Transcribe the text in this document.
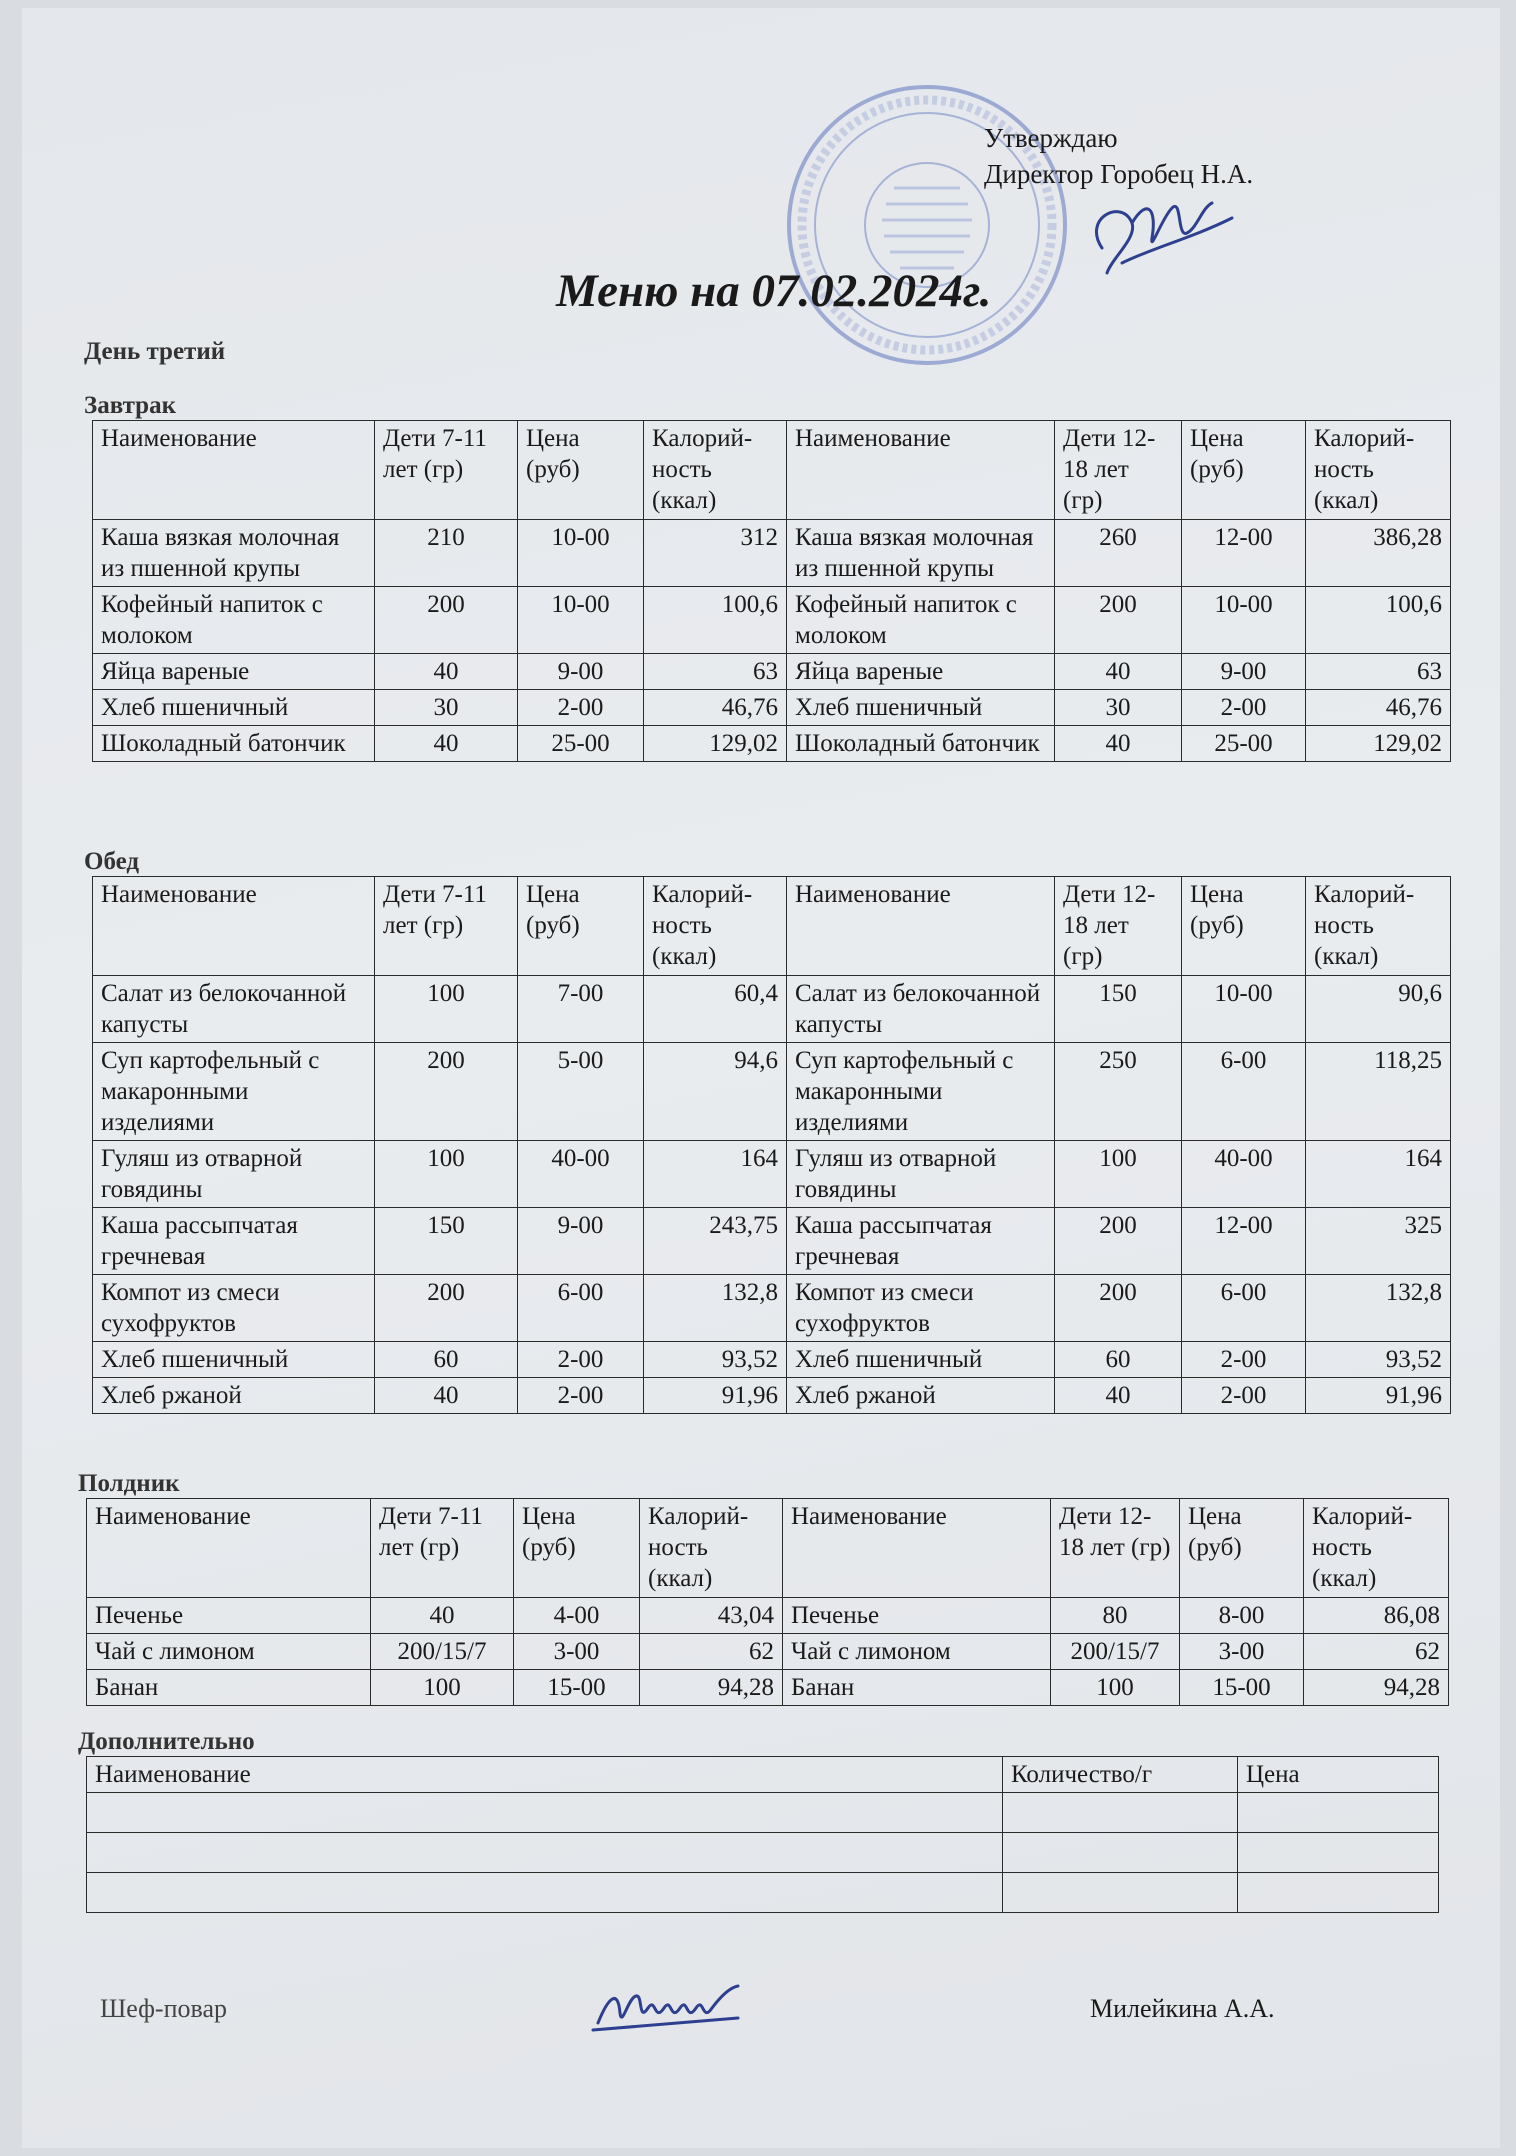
Утверждаю
Директор Горобец Н.А.
Меню на 07.02.2024г.
День третий
Завтрак
Наименование	Дети 7-11 лет (гр)	Цена (руб)	Калорий-ность (ккал)	Наименование	Дети 12-18 лет (гр)	Цена (руб)	Калорий-ность (ккал)
Каша вязкая молочная из пшенной крупы	210	10-00	312	Каша вязкая молочная из пшенной крупы	260	12-00	386,28
Кофейный напиток с молоком	200	10-00	100,6	Кофейный напиток с молоком	200	10-00	100,6
Яйца вареные	40	9-00	63	Яйца вареные	40	9-00	63
Хлеб пшеничный	30	2-00	46,76	Хлеб пшеничный	30	2-00	46,76
Шоколадный батончик	40	25-00	129,02	Шоколадный батончик	40	25-00	129,02
Обед
Наименование	Дети 7-11 лет (гр)	Цена (руб)	Калорий-ность (ккал)	Наименование	Дети 12-18 лет (гр)	Цена (руб)	Калорий-ность (ккал)
Салат из белокочанной капусты	100	7-00	60,4	Салат из белокочанной капусты	150	10-00	90,6
Суп картофельный с макаронными изделиями	200	5-00	94,6	Суп картофельный с макаронными изделиями	250	6-00	118,25
Гуляш из отварной говядины	100	40-00	164	Гуляш из отварной говядины	100	40-00	164
Каша рассыпчатая гречневая	150	9-00	243,75	Каша рассыпчатая гречневая	200	12-00	325
Компот из смеси сухофруктов	200	6-00	132,8	Компот из смеси сухофруктов	200	6-00	132,8
Хлеб пшеничный	60	2-00	93,52	Хлеб пшеничный	60	2-00	93,52
Хлеб ржаной	40	2-00	91,96	Хлеб ржаной	40	2-00	91,96
Полдник
Наименование	Дети 7-11 лет (гр)	Цена (руб)	Калорий-ность (ккал)	Наименование	Дети 12-18 лет (гр)	Цена (руб)	Калорий-ность (ккал)
Печенье	40	4-00	43,04	Печенье	80	8-00	86,08
Чай с лимоном	200/15/7	3-00	62	Чай с лимоном	200/15/7	3-00	62
Банан	100	15-00	94,28	Банан	100	15-00	94,28
Дополнительно
Наименование	Количество/г	Цена

Шеф-повар	Милейкина А.А.
